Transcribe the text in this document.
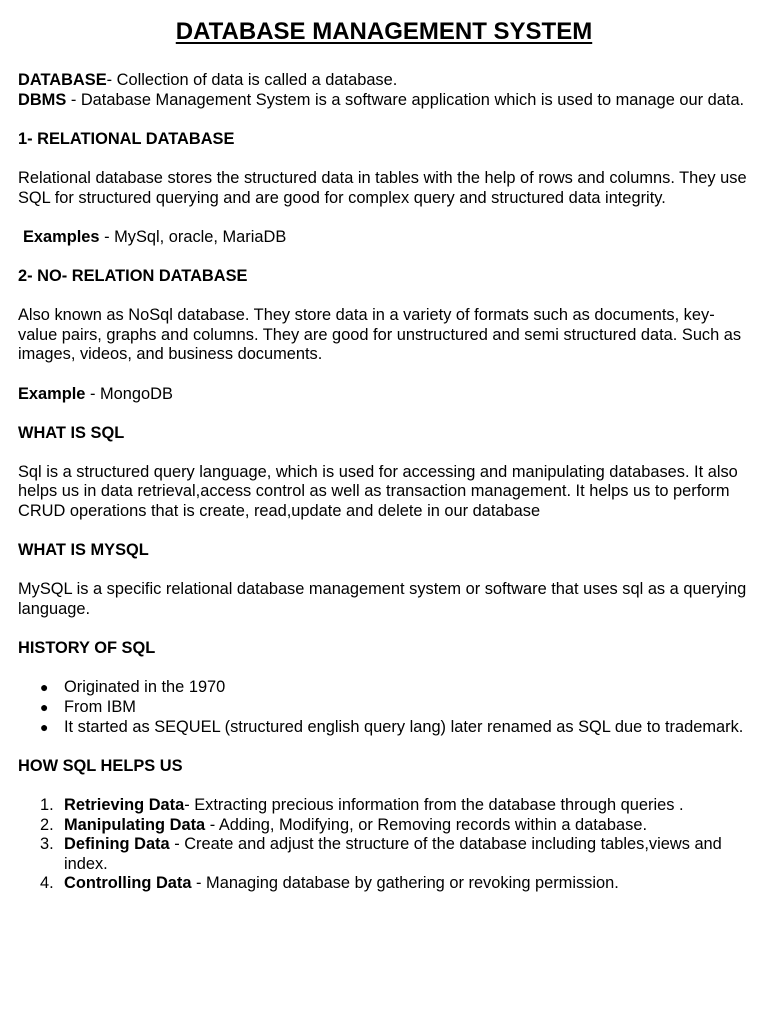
DATABASE MANAGEMENT SYSTEM

DATABASE- Collection of data is called a database.

DBMS - Database Management System is a software application which is used to manage our data.

1- RELATIONAL DATABASE

Relational database stores the structured data in tables with the help of rows and columns. They use SQL for structured querying and are good for complex query and structured data integrity.

Examples - MySql, oracle, MariaDB

2- NO- RELATION DATABASE

Also known as NoSql database. They store data in a variety of formats such as documents, key-value pairs, graphs and columns. They are good for unstructured and semi structured data. Such as images, videos, and business documents.

Example - MongoDB

WHAT IS SQL

Sql is a structured query language, which is used for accessing and manipulating databases. It also helps us in data retrieval,access control as well as transaction management. It helps us to perform CRUD operations that is create, read,update and delete in our database

WHAT IS MYSQL

MySQL is a specific relational database management system or software that uses sql as a querying language.

HISTORY OF SQL

● Originated in the 1970
● From IBM
● It started as SEQUEL (structured english query lang) later renamed as SQL due to trademark.

HOW SQL HELPS US

1. Retrieving Data- Extracting precious information from the database through queries .
2. Manipulating Data - Adding, Modifying, or Removing records within a database.
3. Defining Data - Create and adjust the structure of the database including tables,views and index.
4. Controlling Data - Managing database by gathering or revoking permission.
